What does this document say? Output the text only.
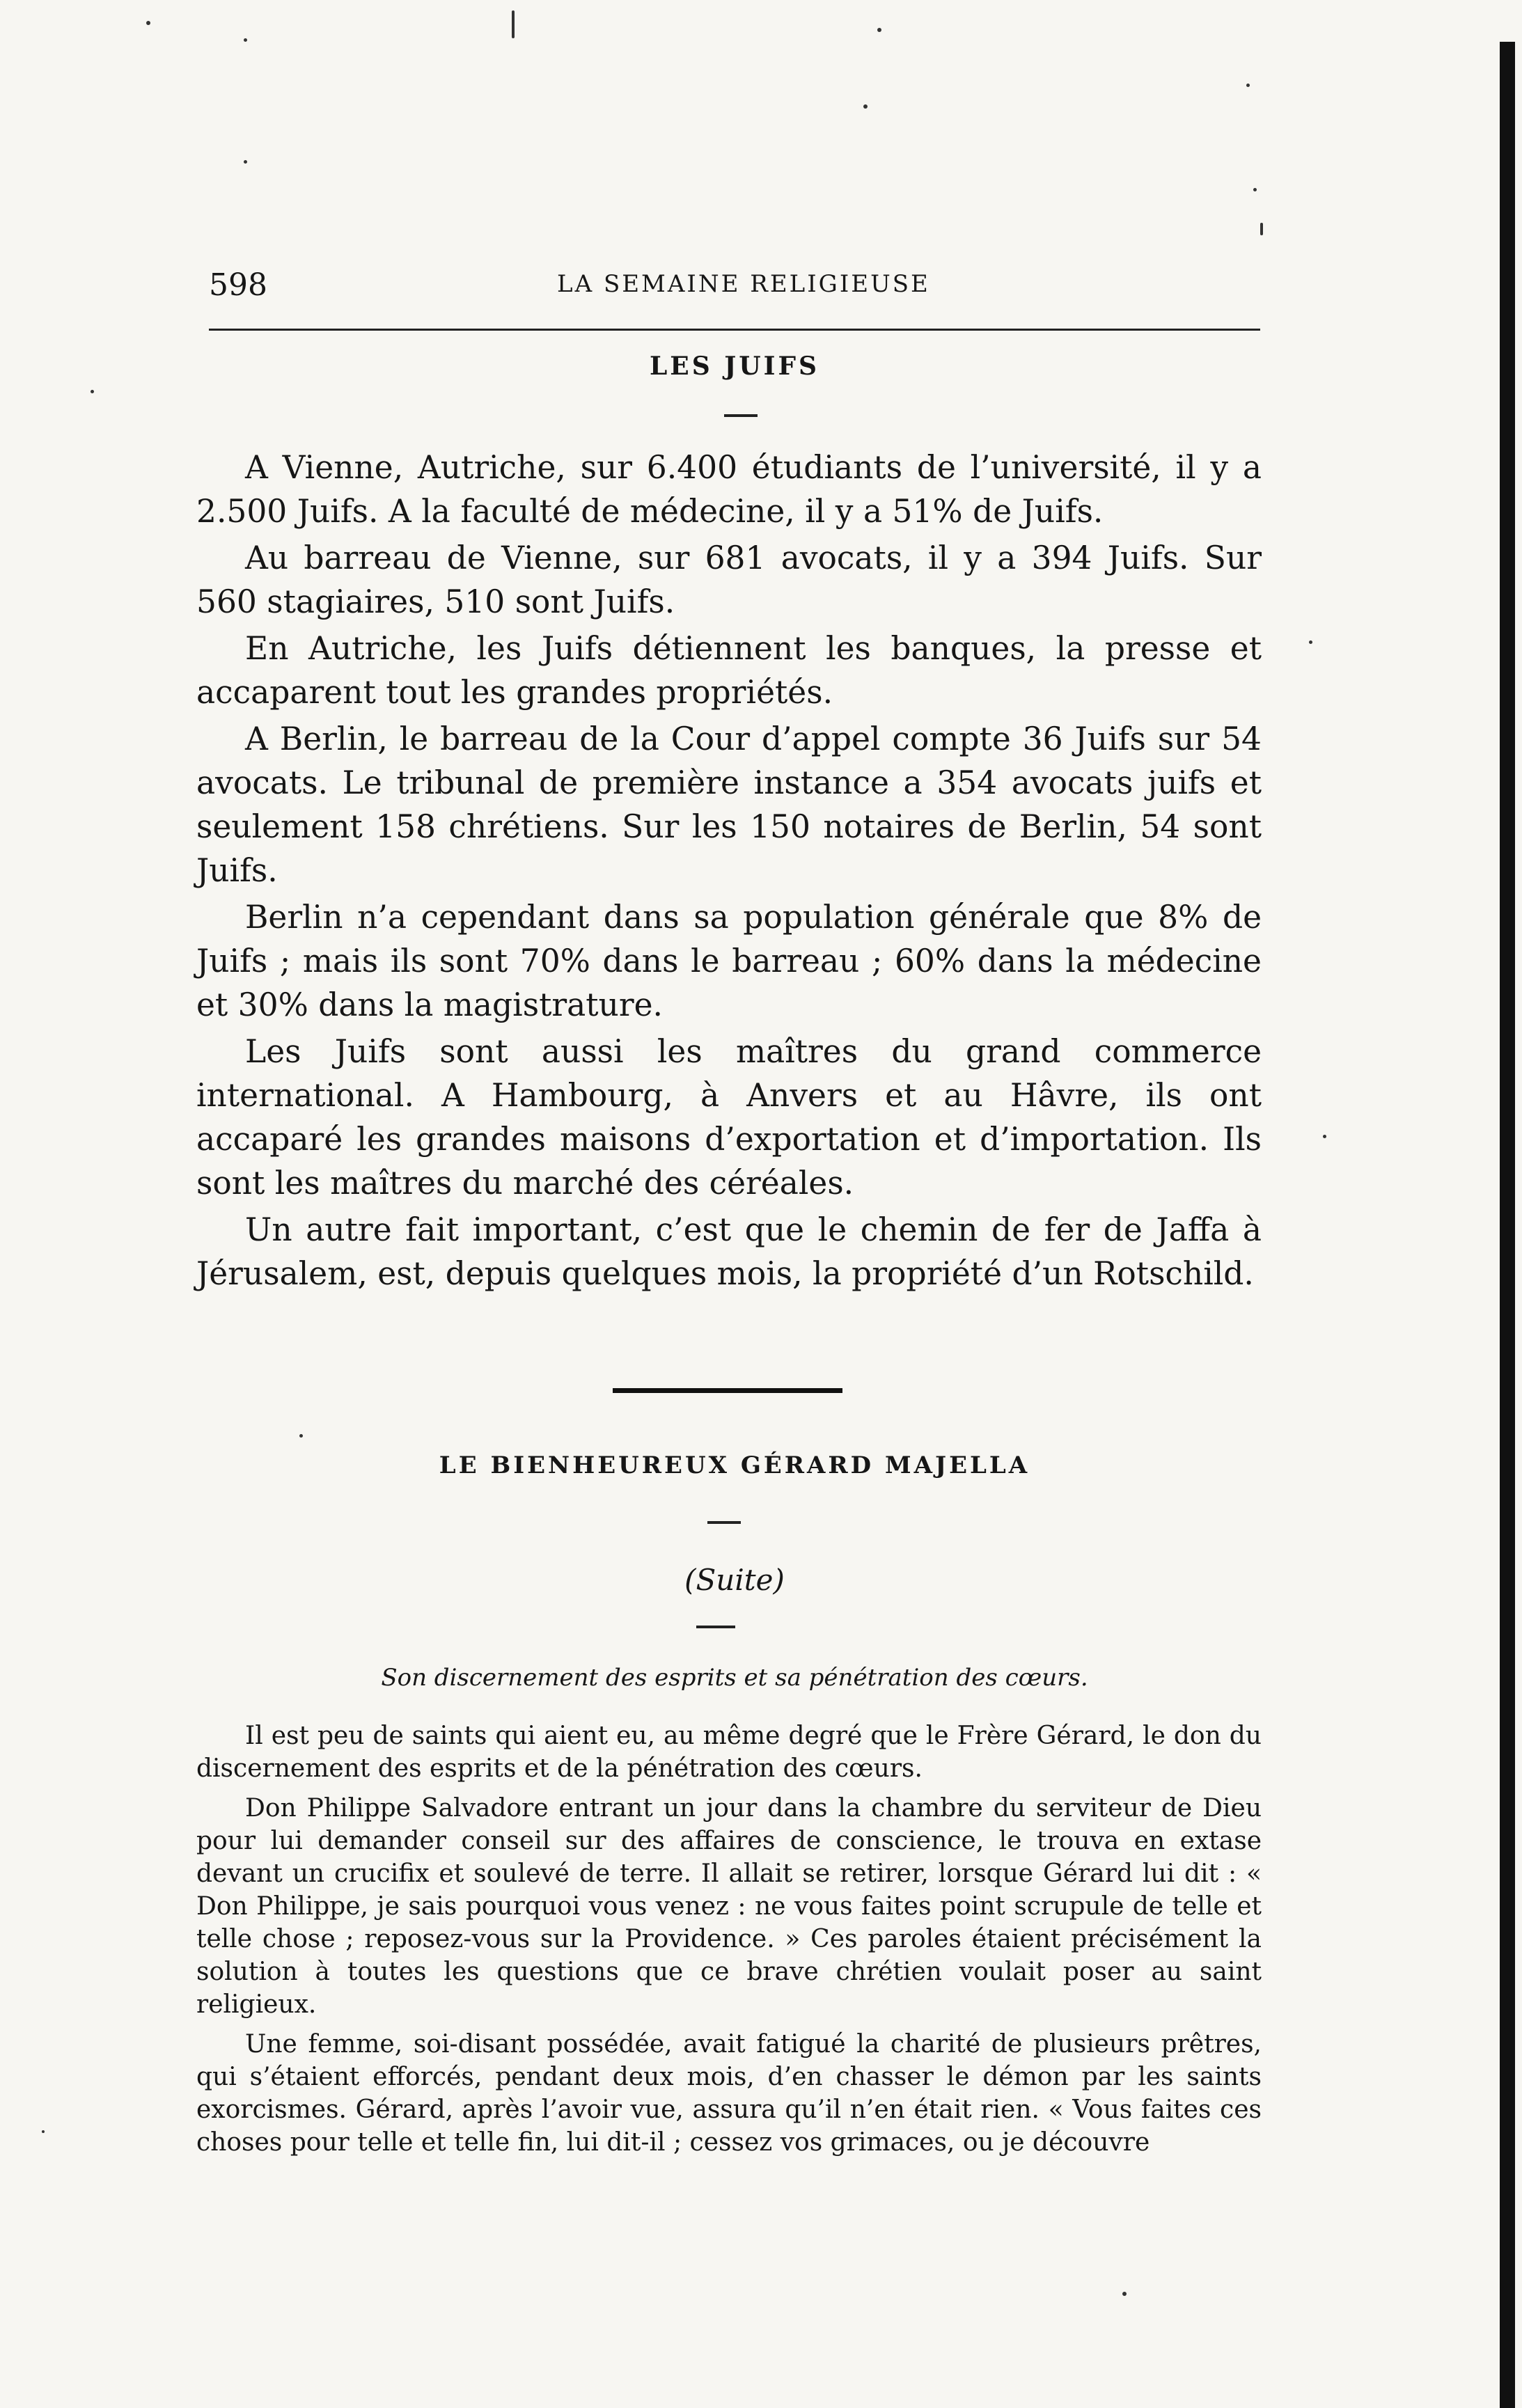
598	LA SEMAINE RELIGIEUSE
LES JUIFS

A Vienne, Autriche, sur 6.400 étudiants de l’université, il y a 2.500 Juifs. A la faculté de médecine, il y a 51% de Juifs.

Au barreau de Vienne, sur 681 avocats, il y a 394 Juifs. Sur 560 stagiaires, 510 sont Juifs.

En Autriche, les Juifs détiennent les banques, la presse et accaparent tout les grandes propriétés.

A Berlin, le barreau de la Cour d’appel compte 36 Juifs sur 54 avocats. Le tribunal de première instance a 354 avocats juifs et seulement 158 chrétiens. Sur les 150 notaires de Berlin, 54 sont Juifs.

Berlin n’a cependant dans sa population générale que 8% de Juifs ; mais ils sont 70% dans le barreau ; 60% dans la médecine et 30% dans la magistrature.

Les Juifs sont aussi les maîtres du grand commerce international. A Hambourg, à Anvers et au Hâvre, ils ont accaparé les grandes maisons d’exportation et d’importation. Ils sont les maîtres du marché des céréales.

Un autre fait important, c’est que le chemin de fer de Jaffa à Jérusalem, est, depuis quelques mois, la propriété d’un Rotschild.

LE BIENHEUREUX GÉRARD MAJELLA
(Suite)
Son discernement des esprits et sa pénétration des cœurs.

Il est peu de saints qui aient eu, au même degré que le Frère Gérard, le don du discernement des esprits et de la pénétration des cœurs.

Don Philippe Salvadore entrant un jour dans la chambre du serviteur de Dieu pour lui demander conseil sur des affaires de conscience, le trouva en extase devant un crucifix et soulevé de terre. Il allait se retirer, lorsque Gérard lui dit : « Don Philippe, je sais pourquoi vous venez : ne vous faites point scrupule de telle et telle chose ; reposez-vous sur la Providence. » Ces paroles étaient précisément la solution à toutes les questions que ce brave chrétien voulait poser au saint religieux.

Une femme, soi-disant possédée, avait fatigué la charité de plusieurs prêtres, qui s’étaient efforcés, pendant deux mois, d’en chasser le démon par les saints exorcismes. Gérard, après l’avoir vue, assura qu’il n’en était rien. « Vous faites ces choses pour telle et telle fin, lui dit-il ; cessez vos grimaces, ou je découvre
